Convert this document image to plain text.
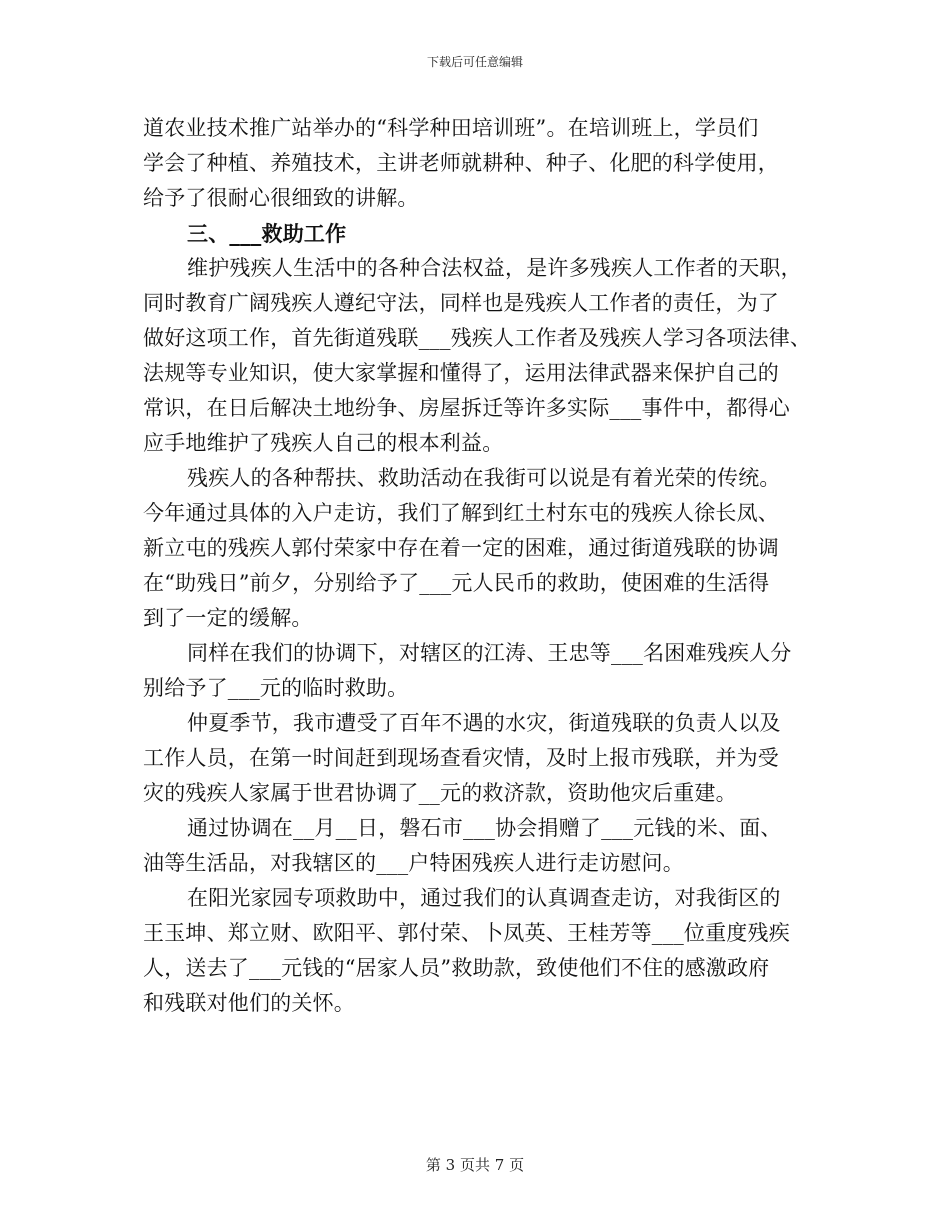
下载后可任意编辑
道农业技术推广站举办的“科学种田培训班”。在培训班上，学员们
学会了种植、养殖技术，主讲老师就耕种、种子、化肥的科学使用，
给予了很耐心很细致的讲解。
三、___救助工作
维护残疾人生活中的各种合法权益，是许多残疾人工作者的天职，
同时教育广阔残疾人遵纪守法，同样也是残疾人工作者的责任，为了
做好这项工作，首先街道残联___残疾人工作者及残疾人学习各项法律、
法规等专业知识，使大家掌握和懂得了，运用法律武器来保护自己的
常识，在日后解决土地纷争、房屋拆迁等许多实际___事件中，都得心
应手地维护了残疾人自己的根本利益。
残疾人的各种帮扶、救助活动在我街可以说是有着光荣的传统。
今年通过具体的入户走访，我们了解到红土村东屯的残疾人徐长凤、
新立屯的残疾人郭付荣家中存在着一定的困难，通过街道残联的协调
在“助残日”前夕，分别给予了___元人民币的救助，使困难的生活得
到了一定的缓解。
同样在我们的协调下，对辖区的江涛、王忠等___名困难残疾人分
别给予了___元的临时救助。
仲夏季节，我市遭受了百年不遇的水灾，街道残联的负责人以及
工作人员，在第一时间赶到现场查看灾情，及时上报市残联，并为受
灾的残疾人家属于世君协调了__元的救济款，资助他灾后重建。
通过协调在__月__日，磐石市___协会捐赠了___元钱的米、面、
油等生活品，对我辖区的___户特困残疾人进行走访慰问。
在阳光家园专项救助中，通过我们的认真调查走访，对我街区的
王玉坤、郑立财、欧阳平、郭付荣、卜凤英、王桂芳等___位重度残疾
人，送去了___元钱的“居家人员”救助款，致使他们不住的感激政府
和残联对他们的关怀。
第 3 页共 7 页
